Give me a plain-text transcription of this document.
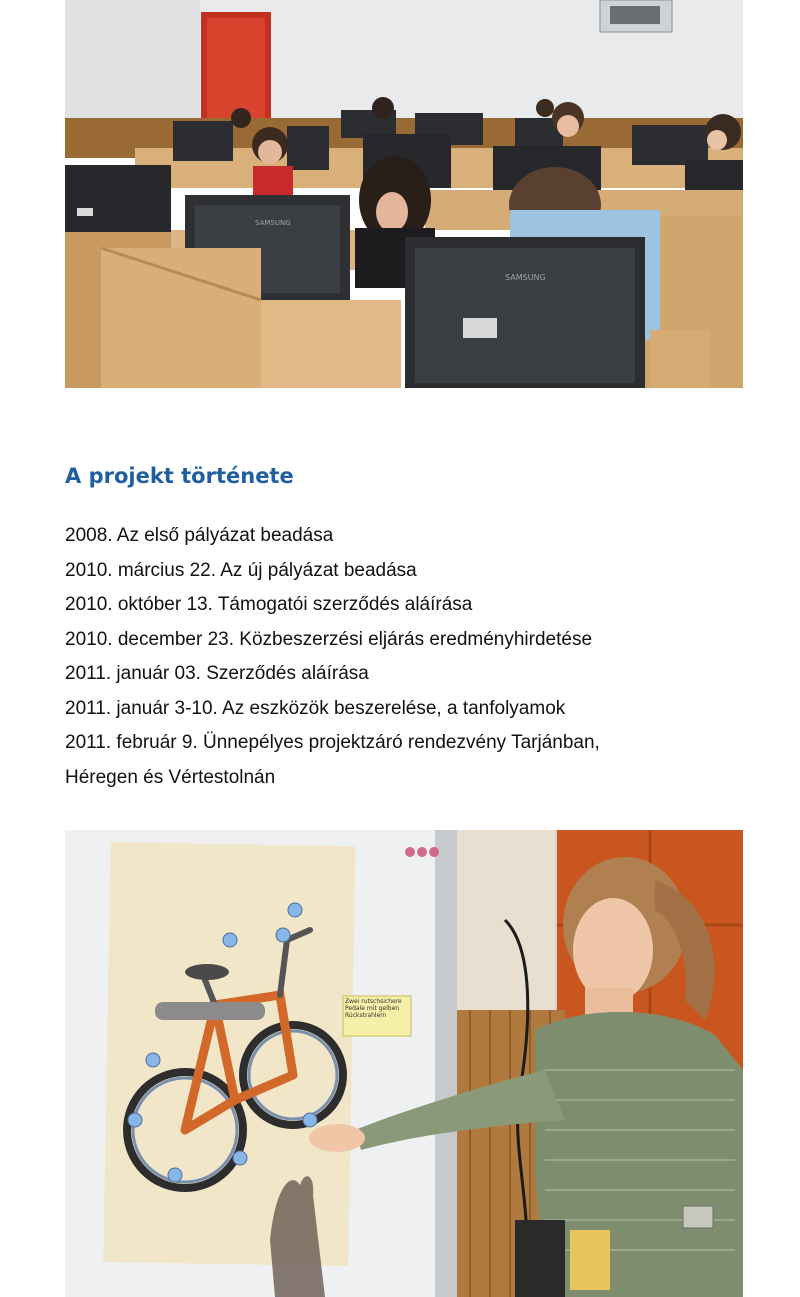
SAMSUNG
SAMSUNG
A projekt története
2008. Az első pályázat beadása
2010. március 22. Az új pályázat beadása
2010. október 13. Támogatói szerződés aláírása
2010. december 23. Közbeszerzési eljárás eredményhirdetése
2011. január 03. Szerződés aláírása
2011. január 3-10. Az eszközök beszerelése, a tanfolyamok
2011. február 9. Ünnepélyes projektzáró rendezvény Tarjánban,
Héregen és Vértestolnán
Zwei rutschsichere Pedale mit gelben Rückstrahlern
